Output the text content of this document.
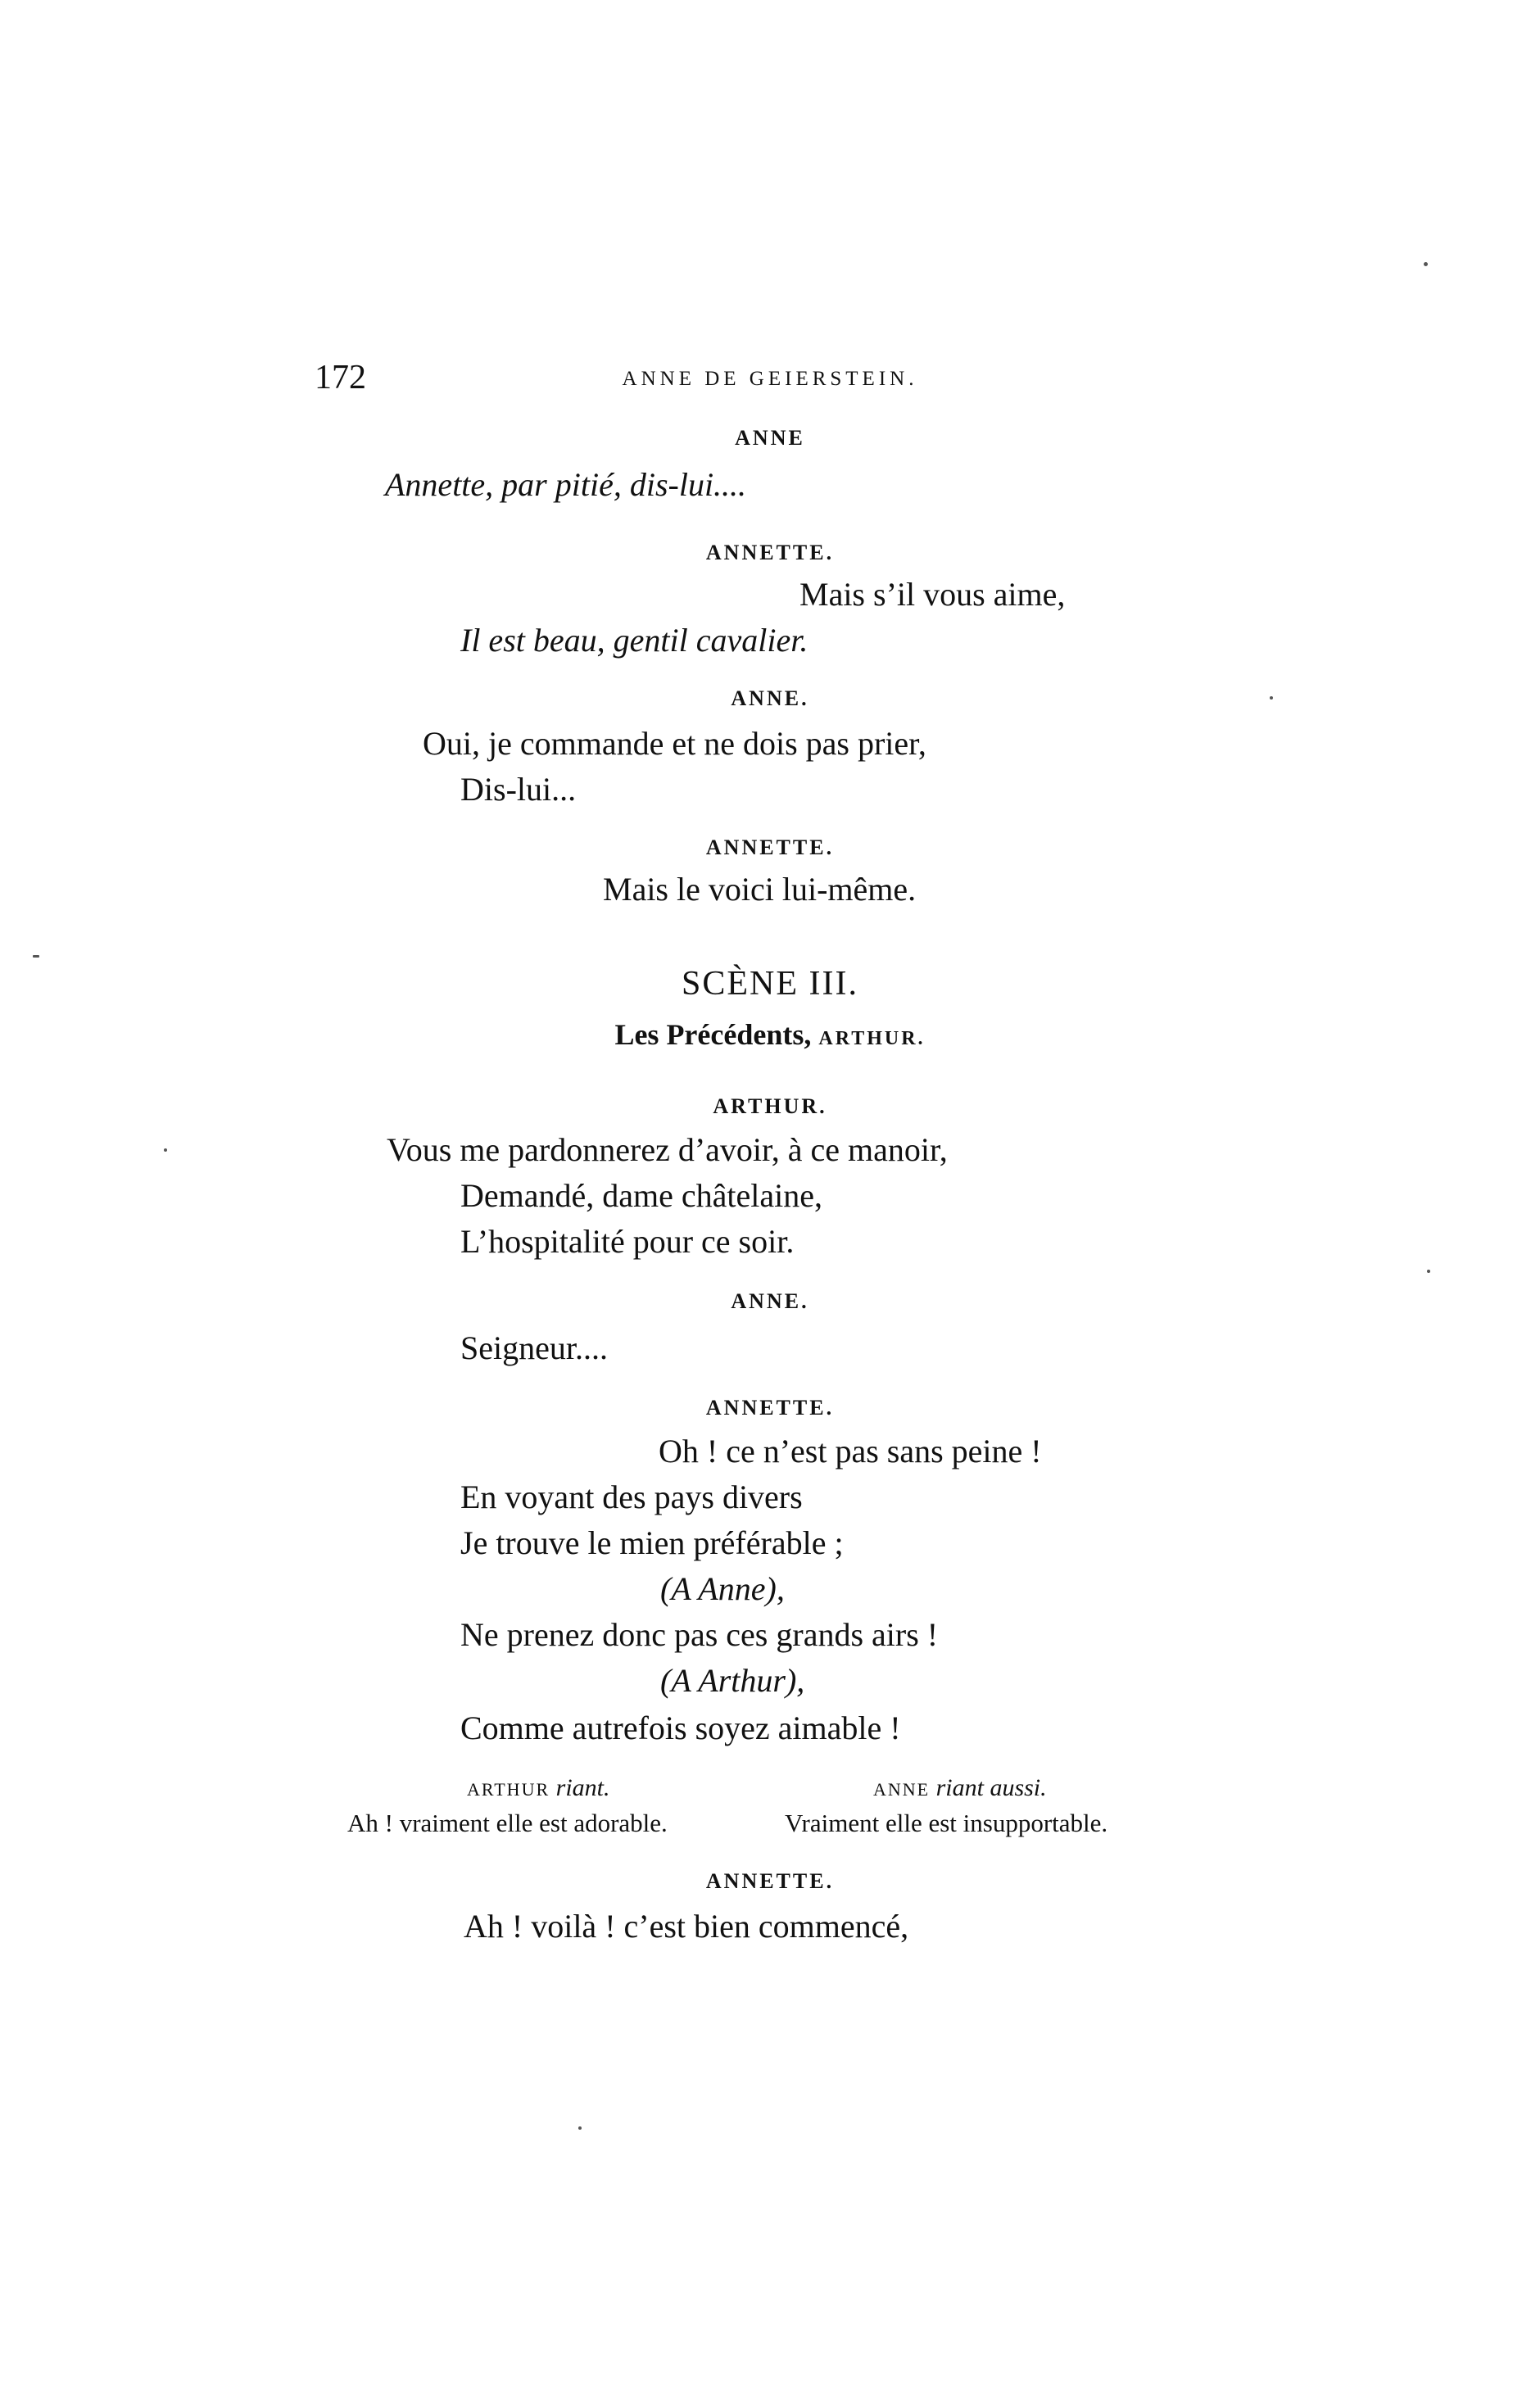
172	ANNE DE GEIERSTEIN.
ANNE
Annette, par pitié, dis-lui....
ANNETTE.
Mais s’il vous aime,
Il est beau, gentil cavalier.
ANNE.
Oui, je commande et ne dois pas prier,
Dis-lui...
ANNETTE.
Mais le voici lui-même.
SCÈNE III.
Les Précédents, ARTHUR.
ARTHUR.
Vous me pardonnerez d’avoir, à ce manoir,
Demandé, dame châtelaine,
L’hospitalité pour ce soir.
ANNE.
Seigneur....
ANNETTE.
Oh ! ce n’est pas sans peine !
En voyant des pays divers
Je trouve le mien préférable ;
(A Anne),
Ne prenez donc pas ces grands airs !
(A Arthur),
Comme autrefois soyez aimable !
ARTHUR riant.
Ah ! vraiment elle est adorable.
ANNE riant aussi.
Vraiment elle est insupportable.
ANNETTE.
Ah ! voilà ! c’est bien commencé,
